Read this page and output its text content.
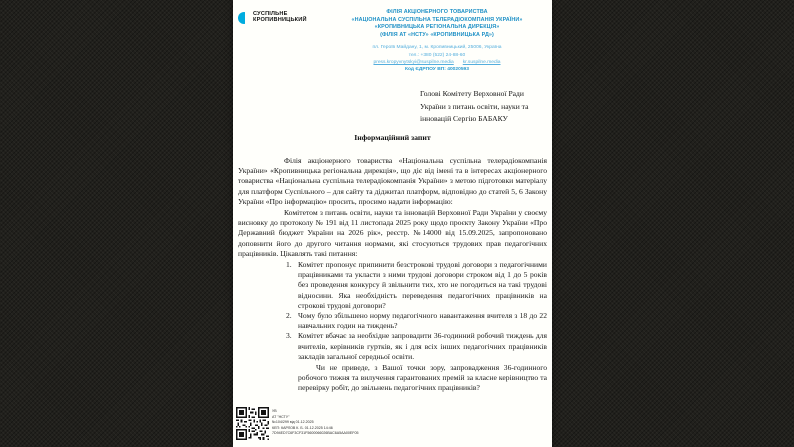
СУСПІЛЬНЕ
КРОПИВНИЦЬКИЙ
ФІЛІЯ АКЦІОНЕРНОГО ТОВАРИСТВА
«НАЦІОНАЛЬНА СУСПІЛЬНА ТЕЛЕРАДІОКОМПАНІЯ УКРАЇНИ»
«КРОПИВНИЦЬКА РЕГІОНАЛЬНА ДИРЕКЦІЯ»
(ФІЛІЯ АТ «НСТУ» «КРОПИВНИЦЬКА РД»)
пл. Героїв Майдану, 1, м. Кропивницький, 25006, Україна
тел.: +380 (522) 24-88-60
press.kropyvnytskyi@suspilne.media kr.suspilne.media
Код ЄДРПОУ ВП: 40020593
Голові Комітету Верховної Ради
України з питань освіти, науки та
інновацій Сергію БАБАКУ
Інформаційний запит

Філія акціонерного товариства «Національна суспільна телерадіокомпанія України» «Кропивницька регіональна дирекція», що діє від імені та в інтересах акціонерного товариства «Національна суспільна телерадіокомпанія України» з метою підготовки матеріалу для платформ Суспільного – для сайту та діджитал платформ, відповідно до статей 5, 6 Закону України «Про інформацію» просить, просимо надати інформацію:

Комітетом з питань освіти, науки та інновацій Верховної Ради України у своєму висновку до протоколу № 191 від 11 листопада 2025 року щодо проєкту Закону України «Про Державний бюджет України на 2026 рік», реєстр. №14000 від 15.09.2025, запропоновано доповнити його до другого читання нормами, які стосуються трудових прав педагогічних працівників. Цікавлять такі питання:

1. Комітет пропонує припинити безстрокові трудові договори з педагогічними працівниками та укласти з ними трудові договори строком від 1 до 5 років без проведення конкурсу й звільнити тих, хто не погодиться на такі трудові відносини. Яка необхідність переведення педагогічних працівників на строкові трудові договори?
2. Чому було збільшено норму педагогічного навантаження вчителя з 18 до 22 навчальних годин на тиждень?
3. Комітет вбачає за необхідне запровадити 36-годинний робочий тиждень для вчителів, керівників гуртків, як і для всіх інших педагогічних працівників закладів загальної середньої освіти.
Чи не приведе, з Вашої точки зору, запровадження 36-годинного робочого тижня та вилучення гарантованих премій за класне керівництво та перевірку робіт, до звільнень педагогічних працівників?
УВ
АТ "НСТУ"
№104/299 від 01.12.2025
КЕП: КАРЛОВ К. Б. 01.12.2025 14:46
7D94ED7C6F3CF31F5600066026BAC6A5AA00EF05
